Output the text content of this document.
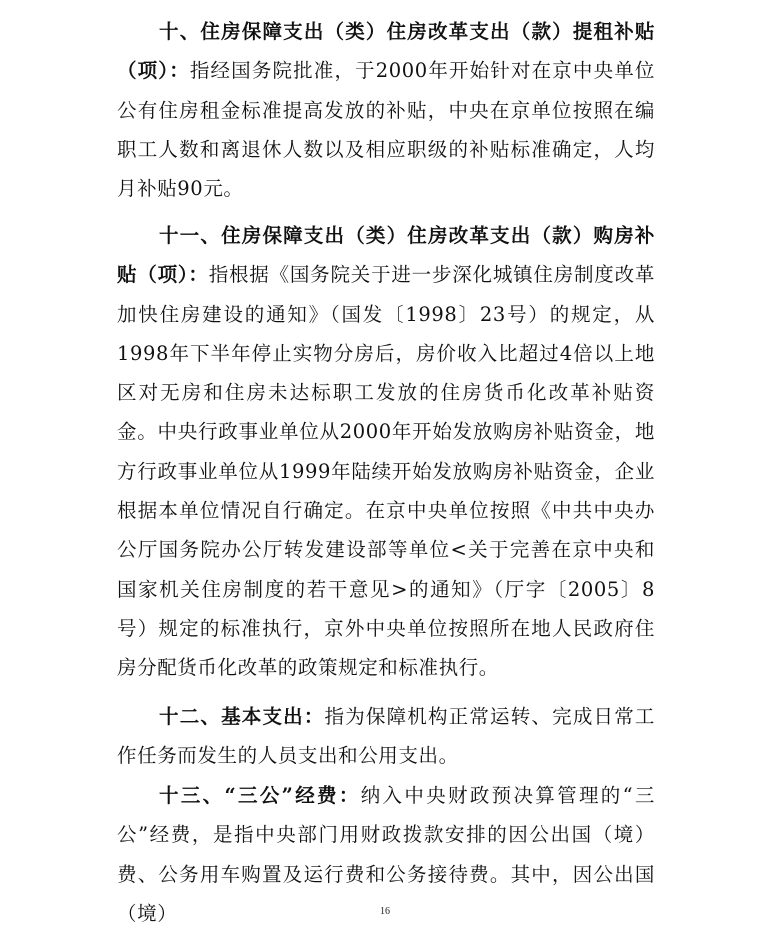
十、住房保障支出（类）住房改革支出（款）提租补贴（项）：指经国务院批准，于2000年开始针对在京中央单位公有住房租金标准提高发放的补贴，中央在京单位按照在编职工人数和离退休人数以及相应职级的补贴标准确定，人均月补贴90元。

十一、住房保障支出（类）住房改革支出（款）购房补贴（项）：指根据《国务院关于进一步深化城镇住房制度改革加快住房建设的通知》（国发〔1998〕23号）的规定，从1998年下半年停止实物分房后，房价收入比超过4倍以上地区对无房和住房未达标职工发放的住房货币化改革补贴资金。中央行政事业单位从2000年开始发放购房补贴资金，地方行政事业单位从1999年陆续开始发放购房补贴资金，企业根据本单位情况自行确定。在京中央单位按照《中共中央办公厅国务院办公厅转发建设部等单位<关于完善在京中央和国家机关住房制度的若干意见>的通知》（厅字〔2005〕8号）规定的标准执行，京外中央单位按照所在地人民政府住房分配货币化改革的政策规定和标准执行。

十二、基本支出：指为保障机构正常运转、完成日常工作任务而发生的人员支出和公用支出。

十三、“三公”经费：纳入中央财政预决算管理的“三公”经费，是指中央部门用财政拨款安排的因公出国（境）费、公务用车购置及运行费和公务接待费。其中，因公出国（境）	16
